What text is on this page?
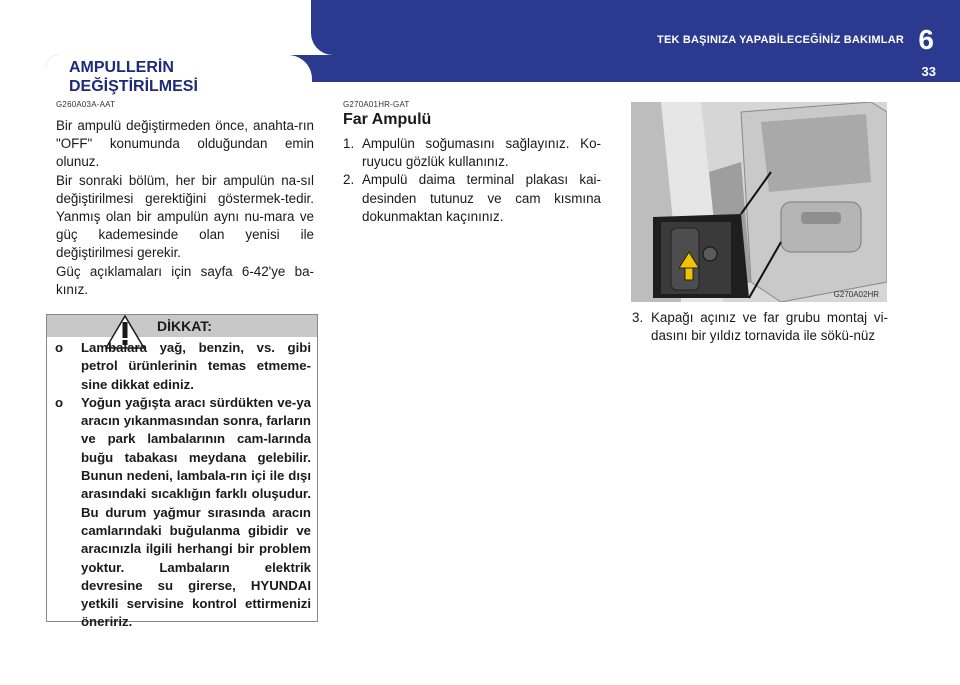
TEK BAŞINIZA YAPABİLECEĞİNİZ BAKIMLAR 6
33
AMPULLERİN
DEĞİŞTİRİLMESİ
G260A03A-AAT

Bir ampulü değiştirmeden önce, anahta-rın "OFF" konumunda olduğundan emin olunuz.

Bir sonraki bölüm, her bir ampulün na-sıl değiştirilmesi gerektiğini göstermek-tedir. Yanmış olan bir ampulün aynı nu-mara ve güç kademesinde olan yenisi ile değiştirilmesi gerekir.

Güç açıklamaları için sayfa 6-42'ye ba-kınız.

DİKKAT:
o Lambalara yağ, benzin, vs. gibi petrol ürünlerinin temas etmeme-sine dikkat ediniz.
o Yoğun yağışta aracı sürdükten ve-ya aracın yıkanmasından sonra, farların ve park lambalarının cam-larında buğu tabakası meydana gelebilir. Bunun nedeni, lambala-rın içi ile dışı arasındaki sıcaklığın farklı oluşudur. Bu durum yağmur sırasında aracın camlarındaki buğulanma gibidir ve aracınızla ilgili herhangi bir problem yoktur. Lambaların elektrik devresine su girerse, HYUNDAI yetkili servisine kontrol ettirmenizi öneririz.
G270A01HR-GAT
Far Ampulü
1. Ampulün soğumasını sağlayınız. Ko-ruyucu gözlük kullanınız.
2. Ampulü daima terminal plakası kai-desinden tutunuz ve cam kısmına dokunmaktan kaçınınız.
G270A02HR
3. Kapağı açınız ve far grubu montaj vi-dasını bir yıldız tornavida ile sökü-nüz
